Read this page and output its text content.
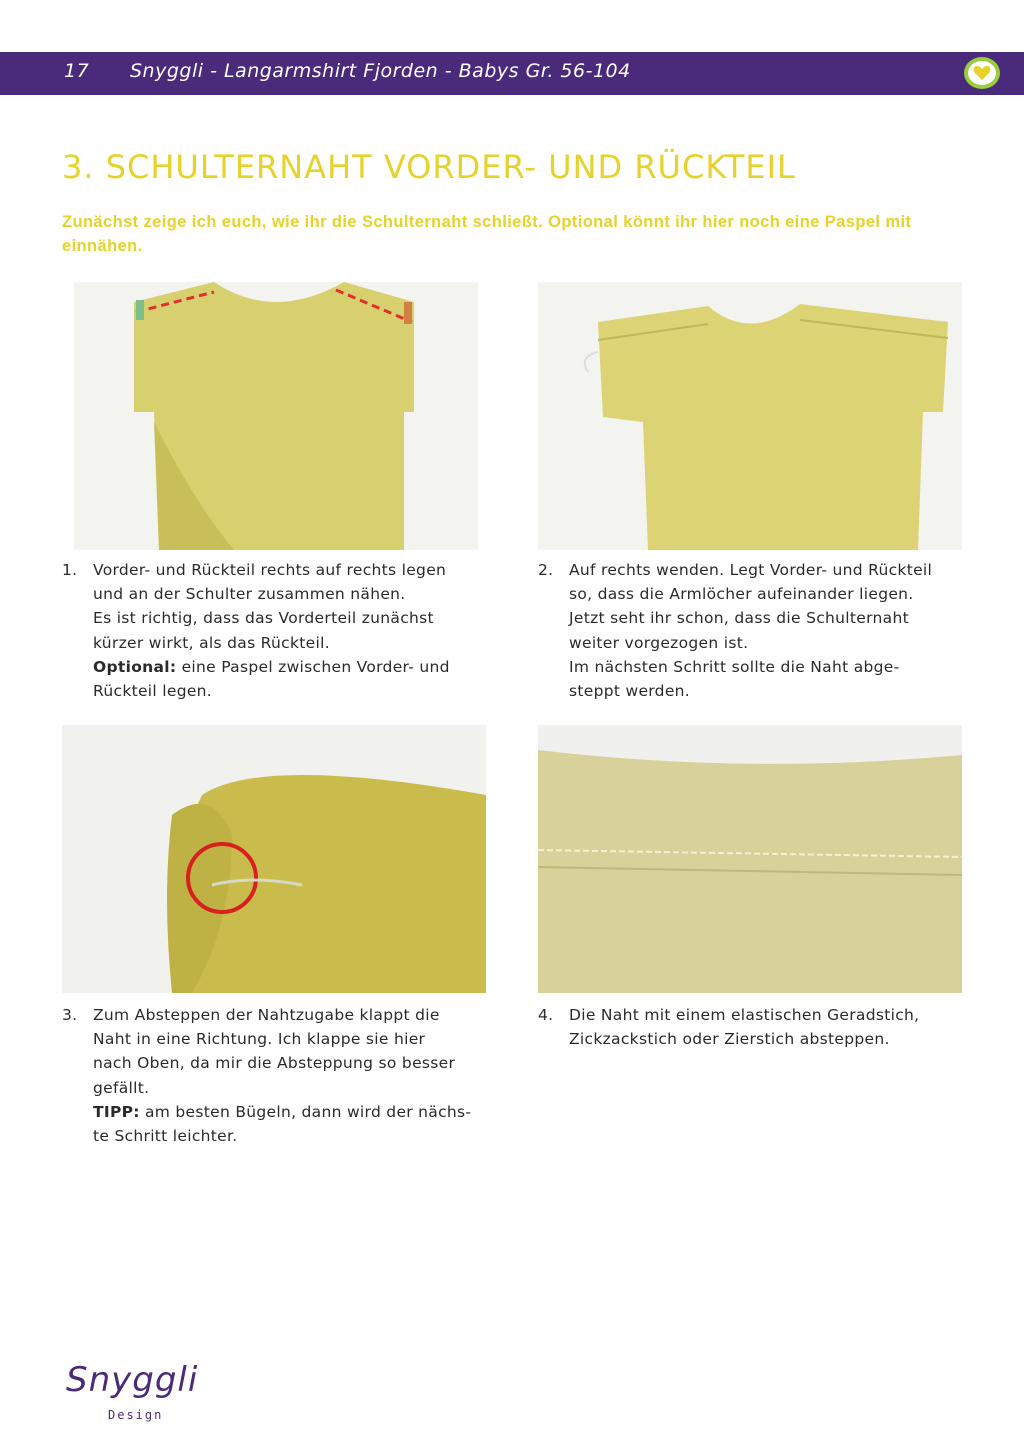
17 Snyggli - Langarmshirt Fjorden - Babys Gr. 56-104
3. SCHULTERNAHT VORDER- UND RÜCKTEIL
Zunächst zeige ich euch, wie ihr die Schulternaht schließt. Optional könnt ihr hier noch eine Paspel mit einnähen.
1. Vorder- und Rückteil rechts auf rechts legen
und an der Schulter zusammen nähen.
Es ist richtig, dass das Vorderteil zunächst
kürzer wirkt, als das Rückteil.
Optional: eine Paspel zwischen Vorder- und
Rückteil legen.
2. Auf rechts wenden. Legt Vorder- und Rückteil
so, dass die Armlöcher aufeinander liegen.
Jetzt seht ihr schon, dass die Schulternaht
weiter vorgezogen ist.
Im nächsten Schritt sollte die Naht abge-
steppt werden.
3. Zum Absteppen der Nahtzugabe klappt die
Naht in eine Richtung. Ich klappe sie hier
nach Oben, da mir die Absteppung so besser
gefällt.
TIPP: am besten Bügeln, dann wird der nächs-
te Schritt leichter.
4. Die Naht mit einem elastischen Geradstich,
Zickzackstich oder Zierstich absteppen.
Snyggli
Design
